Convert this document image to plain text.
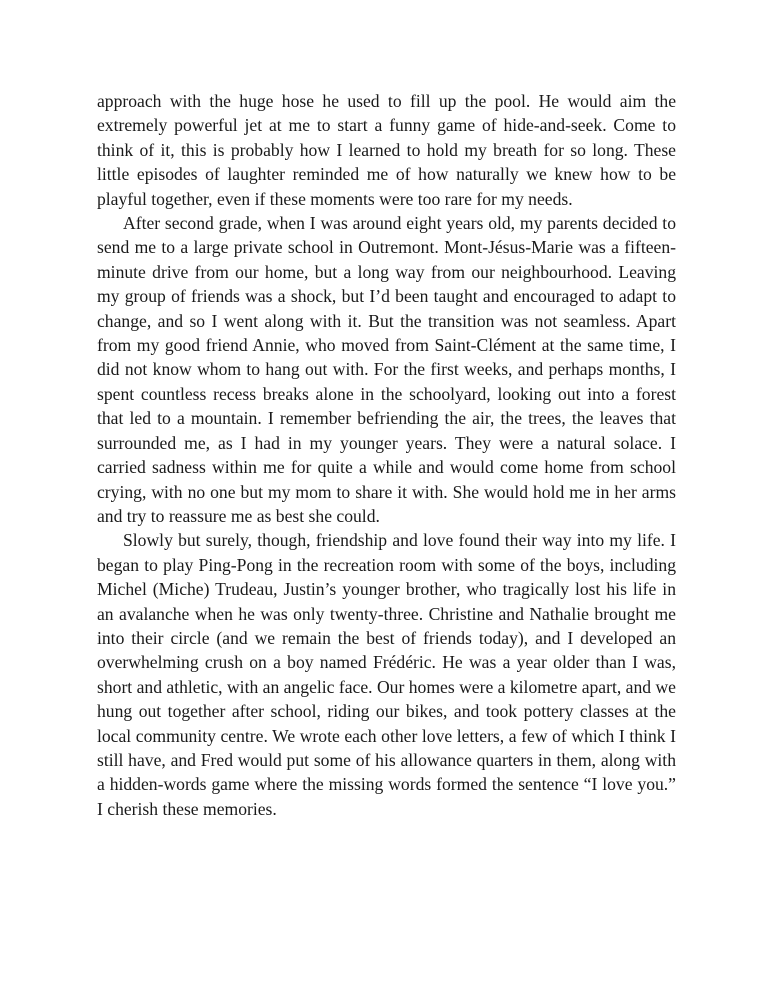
approach with the huge hose he used to fill up the pool. He would aim the extremely powerful jet at me to start a funny game of hide-and-seek. Come to think of it, this is probably how I learned to hold my breath for so long. These little episodes of laughter reminded me of how naturally we knew how to be playful together, even if these moments were too rare for my needs.

After second grade, when I was around eight years old, my parents decided to send me to a large private school in Outremont. Mont-Jésus-Marie was a fifteen-minute drive from our home, but a long way from our neighbourhood. Leaving my group of friends was a shock, but I’d been taught and encouraged to adapt to change, and so I went along with it. But the transition was not seamless. Apart from my good friend Annie, who moved from Saint-Clément at the same time, I did not know whom to hang out with. For the first weeks, and perhaps months, I spent countless recess breaks alone in the schoolyard, looking out into a forest that led to a mountain. I remember befriending the air, the trees, the leaves that surrounded me, as I had in my younger years. They were a natural solace. I carried sadness within me for quite a while and would come home from school crying, with no one but my mom to share it with. She would hold me in her arms and try to reassure me as best she could.

Slowly but surely, though, friendship and love found their way into my life. I began to play Ping-Pong in the recreation room with some of the boys, including Michel (Miche) Trudeau, Justin’s younger brother, who tragically lost his life in an avalanche when he was only twenty-three. Christine and Nathalie brought me into their circle (and we remain the best of friends today), and I developed an overwhelming crush on a boy named Frédéric. He was a year older than I was, short and athletic, with an angelic face. Our homes were a kilometre apart, and we hung out together after school, riding our bikes, and took pottery classes at the local community centre. We wrote each other love letters, a few of which I think I still have, and Fred would put some of his allowance quarters in them, along with a hidden-words game where the missing words formed the sentence “I love you.” I cherish these memories.
